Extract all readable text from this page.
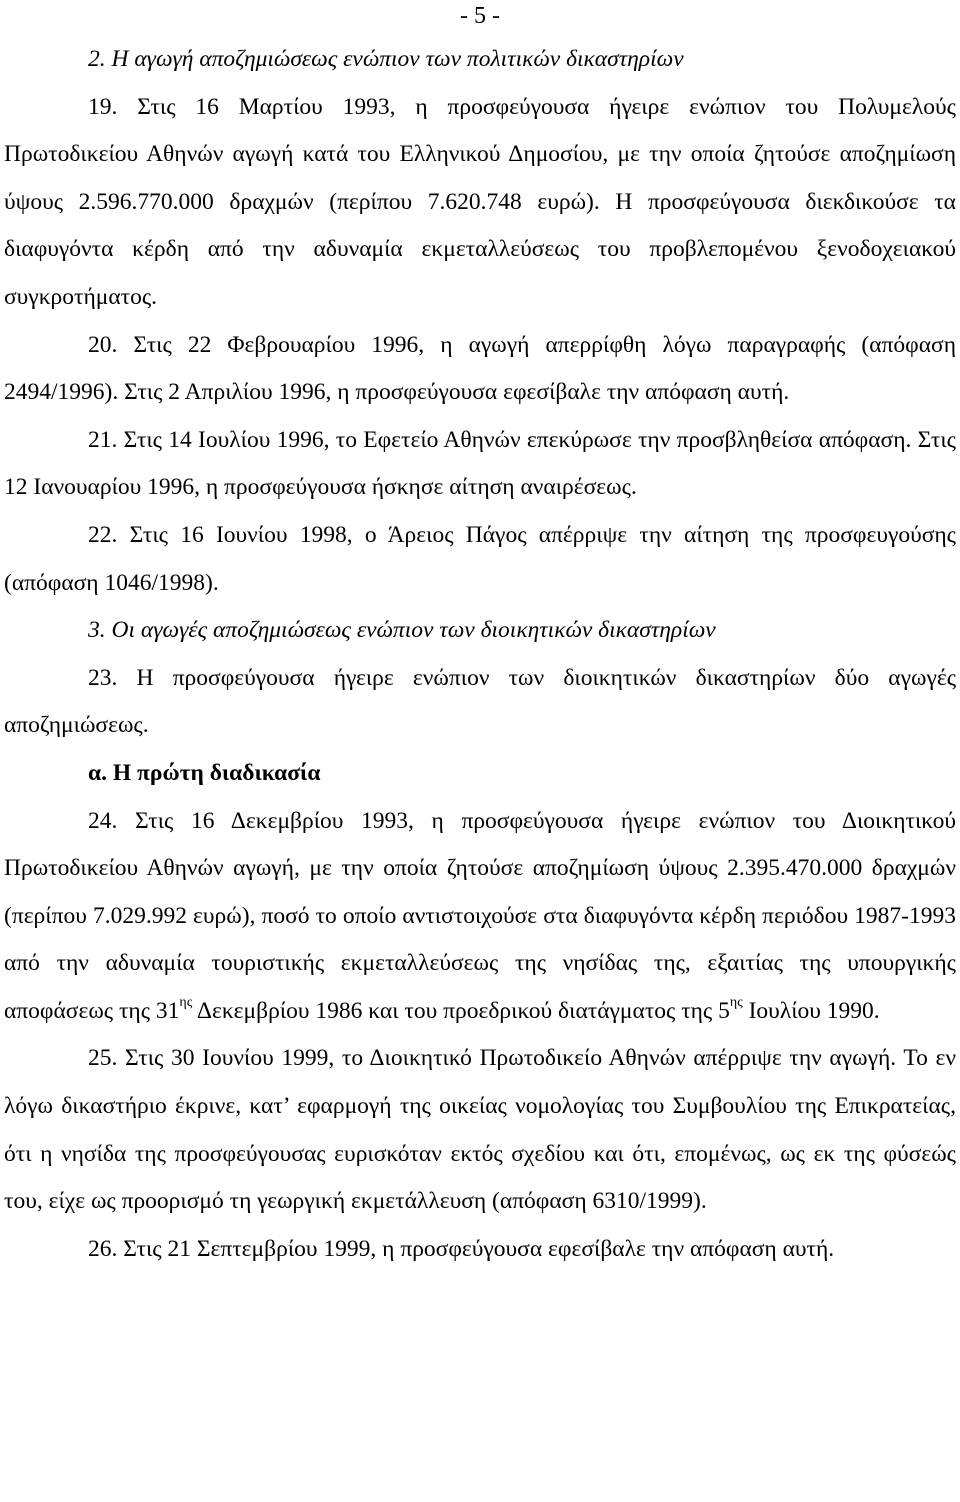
- 5 -

2. Η αγωγή αποζημιώσεως ενώπιον των πολιτικών δικαστηρίων

19. Στις 16 Μαρτίου 1993, η προσφεύγουσα ήγειρε ενώπιον του Πολυμελούς Πρωτοδικείου Αθηνών αγωγή κατά του Ελληνικού Δημοσίου, με την οποία ζητούσε αποζημίωση ύψους 2.596.770.000 δραχμών (περίπου 7.620.748 ευρώ). Η προσφεύγουσα διεκδικούσε τα διαφυγόντα κέρδη από την αδυναμία εκμεταλλεύσεως του προβλεπομένου ξενοδοχειακού συγκροτήματος.

20. Στις 22 Φεβρουαρίου 1996, η αγωγή απερρίφθη λόγω παραγραφής (απόφαση 2494/1996). Στις 2 Απριλίου 1996, η προσφεύγουσα εφεσίβαλε την απόφαση αυτή.

21. Στις 14 Ιουλίου 1996, το Εφετείο Αθηνών επεκύρωσε την προσβληθείσα απόφαση. Στις 12 Ιανουαρίου 1996, η προσφεύγουσα ήσκησε αίτηση αναιρέσεως.

22. Στις 16 Ιουνίου 1998, ο Άρειος Πάγος απέρριψε την αίτηση της προσφευγούσης (απόφαση 1046/1998).

3. Οι αγωγές αποζημιώσεως ενώπιον των διοικητικών δικαστηρίων

23. Η προσφεύγουσα ήγειρε ενώπιον των διοικητικών δικαστηρίων δύο αγωγές αποζημιώσεως.

α. Η πρώτη διαδικασία

24. Στις 16 Δεκεμβρίου 1993, η προσφεύγουσα ήγειρε ενώπιον του Διοικητικού Πρωτοδικείου Αθηνών αγωγή, με την οποία ζητούσε αποζημίωση ύψους 2.395.470.000 δραχμών (περίπου 7.029.992 ευρώ), ποσό το οποίο αντιστοιχούσε στα διαφυγόντα κέρδη περιόδου 1987-1993 από την αδυναμία τουριστικής εκμεταλλεύσεως της νησίδας της, εξαιτίας της υπουργικής αποφάσεως της $31^{\eta\varsigma}$ Δεκεμβρίου 1986 και του προεδρικού διατάγματος της $5^{\eta\varsigma}$ Ιουλίου 1990.

25. Στις 30 Ιουνίου 1999, το Διοικητικό Πρωτοδικείο Αθηνών απέρριψε την αγωγή. Το εν λόγω δικαστήριο έκρινε, κατ’ εφαρμογή της οικείας νομολογίας του Συμβουλίου της Επικρατείας, ότι η νησίδα της προσφεύγουσας ευρισκόταν εκτός σχεδίου και ότι, επομένως, ως εκ της φύσεώς του, είχε ως προορισμό τη γεωργική εκμετάλλευση (απόφαση 6310/1999).

26. Στις 21 Σεπτεμβρίου 1999, η προσφεύγουσα εφεσίβαλε την απόφαση αυτή.
